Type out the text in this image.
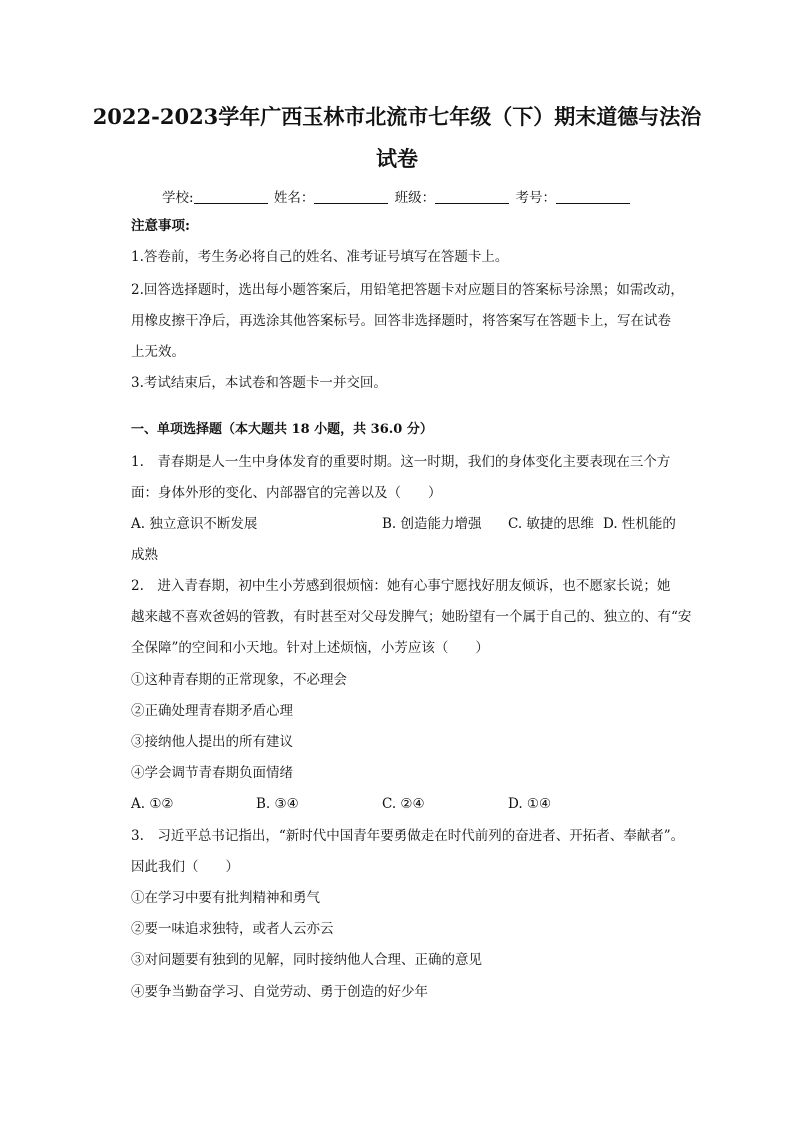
2022-2023学年广西玉林市北流市七年级（下）期末道德与法治
试卷
学校:	姓名：	班级：	考号：
注意事项:
1.答卷前，考生务必将自己的姓名、准考证号填写在答题卡上。
2.回答选择题时，选出每小题答案后，用铅笔把答题卡对应题目的答案标号涂黑；如需改动，
用橡皮擦干净后，再选涂其他答案标号。回答非选择题时，将答案写在答题卡上，写在试卷
上无效。
3.考试结束后，本试卷和答题卡一并交回。
一、单项选择题（本大题共 18 小题，共 36.0 分）
1.　青春期是人一生中身体发育的重要时期。这一时期，我们的身体变化主要表现在三个方
面：身体外形的变化、内部器官的完善以及（　　）
A. 独立意识不断发展	B. 创造能力增强 C. 敏捷的思维 D. 性机能的
成熟
2.　进入青春期，初中生小芳感到很烦恼：她有心事宁愿找好朋友倾诉，也不愿家长说；她
越来越不喜欢爸妈的管教，有时甚至对父母发脾气；她盼望有一个属于自己的、独立的、有“安
全保障”的空间和小天地。针对上述烦恼，小芳应该（　　）
①这种青春期的正常现象，不必理会
②正确处理青春期矛盾心理
③接纳他人提出的所有建议
④学会调节青春期负面情绪
A. ①②	B. ③④	C. ②④	D. ①④
3.　习近平总书记指出，“新时代中国青年要勇做走在时代前列的奋进者、开拓者、奉献者”。
因此我们（　　）
①在学习中要有批判精神和勇气
②要一味追求独特，或者人云亦云
③对问题要有独到的见解，同时接纳他人合理、正确的意见
④要争当勤奋学习、自觉劳动、勇于创造的好少年
